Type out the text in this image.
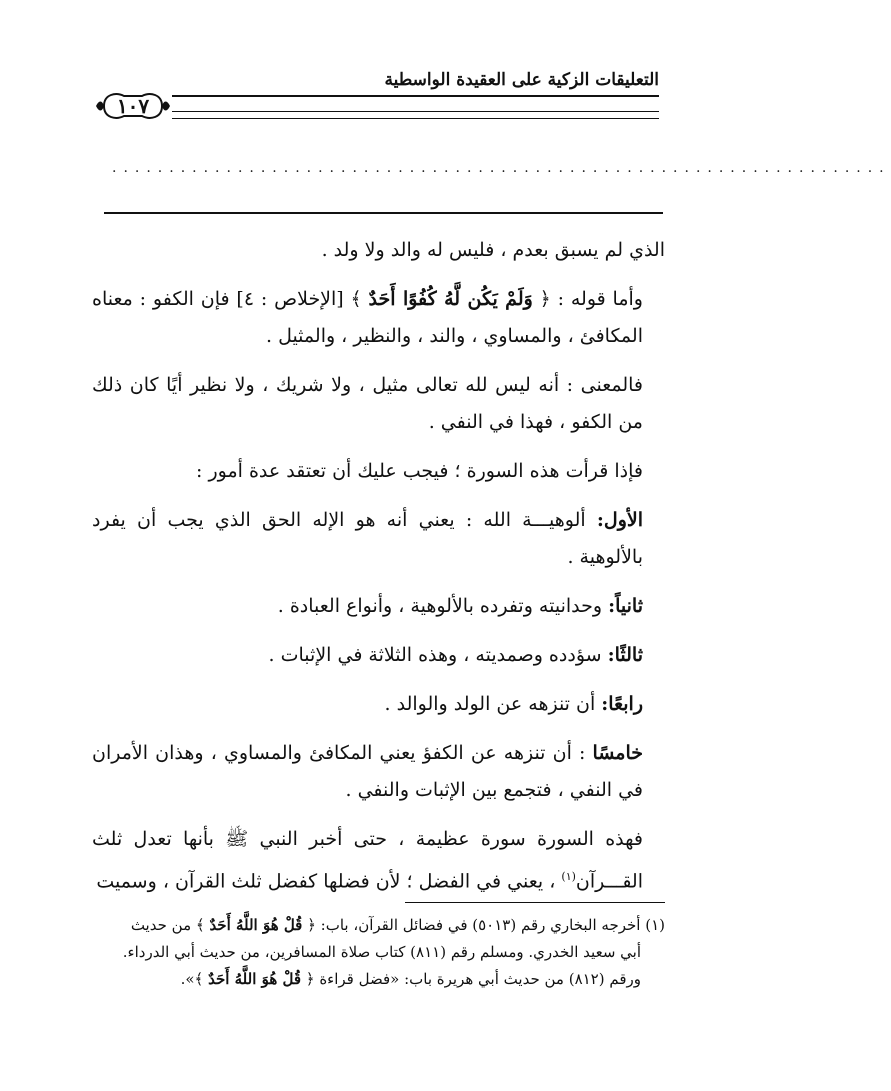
التعليقات الزكية على العقيدة الواسطية
١٠٧
....................................................................

الذي لم يسبق بعدم ، فليس له والد ولا ولد .

وأما قوله : ﴿ وَلَمْ يَكُن لَّهُ كُفُوًا أَحَدٌ ﴾ [الإخلاص : ٤] فإن الكفو : معناه المكافئ ، والمساوي ، والند ، والنظير ، والمثيل .

فالمعنى : أنه ليس لله تعالى مثيل ، ولا شريك ، ولا نظير أيًا كان ذلك من الكفو ، فهذا في النفي .

فإذا قرأت هذه السورة ؛ فيجب عليك أن تعتقد عدة أمور :

الأول: ألوهيـــة الله : يعني أنه هو الإله الحق الذي يجب أن يفرد بالألوهية .

ثانياً: وحدانيته وتفرده بالألوهية ، وأنواع العبادة .

ثالثًا: سؤدده وصمديته ، وهذه الثلاثة في الإثبات .

رابعًا: أن تنزهه عن الولد والوالد .

خامسًا : أن تنزهه عن الكفؤ يعني المكافئ والمساوي ، وهذان الأمران في النفي ، فتجمع بين الإثبات والنفي .

فهذه السورة سورة عظيمة ، حتى أخبر النبي ﷺ بأنها تعدل ثلث القـــرآن$^{(١)}$ ، يعني في الفضل ؛ لأن فضلها كفضل ثلث القرآن ، وسميت

(١) أخرجه البخاري رقم (٥٠١٣) في فضائل القرآن، باب: ﴿ قُلْ هُوَ اللَّهُ أَحَدٌ ﴾ من حديث

أبي سعيد الخدري. ومسلم رقم (٨١١) كتاب صلاة المسافرين، من حديث أبي الدرداء.

ورقم (٨١٢) من حديث أبي هريرة باب: «فضل قراءة ﴿ قُلْ هُوَ اللَّهُ أَحَدٌ ﴾».
